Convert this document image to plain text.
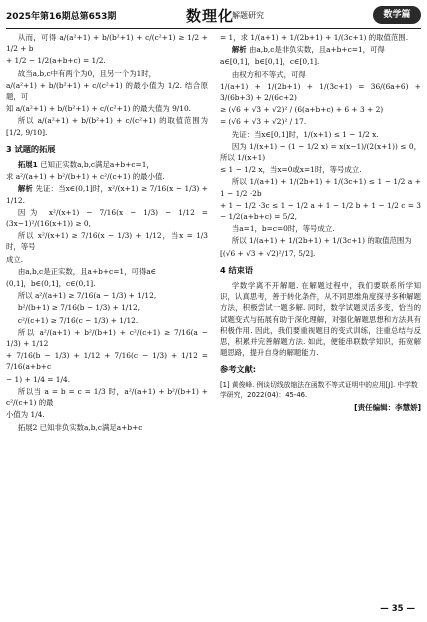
2025年第16期总第653期	数理化
解题研究	数学篇

从而，可得 a/(a²+1) + b/(b²+1) + c/(c²+1) ≥ 1/2 + 1/2 + b

+ 1/2 − 1/2(a+b+c) = 1/2.

故当a,b,c中有两个为0，且另一个为1时，

a/(a²+1) + b/(b²+1) + c/(c²+1) 的最小值为 1/2. 结合原题，可

知 a/(a²+1) + b/(b²+1) + c/(c²+1) 的最大值为 9/10.

所以 a/(a²+1) + b/(b²+1) + c/(c²+1) 的取值范围为 [1/2, 9/10].

3 试题的拓展

拓展1 已知正实数a,b,c满足a+b+c=1，

求 a²/(a+1) + b²/(b+1) + c²/(c+1) 的最小值.

解析 先证：当x∈(0,1]时，x²/(x+1) ≥ 7/16(x − 1/3) + 1/12.

因为 x²/(x+1) − 7/16(x − 1/3) − 1/12 = (3x−1)²/(16(x+1)) ≥ 0,

所以 x²/(x+1) ≥ 7/16(x − 1/3) + 1/12，当x = 1/3时，等号

成立.

由a,b,c是正实数，且a+b+c=1，可得a∈

(0,1]，b∈(0,1]，c∈(0,1].

所以 a²/(a+1) ≥ 7/16(a − 1/3) + 1/12,

b²/(b+1) ≥ 7/16(b − 1/3) + 1/12,

c²/(c+1) ≥ 7/16(c − 1/3) + 1/12.

所以 a²/(a+1) + b²/(b+1) + c²/(c+1) ≥ 7/16(a − 1/3) + 1/12

+ 7/16(b − 1/3) + 1/12 + 7/16(c − 1/3) + 1/12 = 7/16(a+b+c

− 1) + 1/4 = 1/4.

所以当 a = b = c = 1/3 时，a²/(a+1) + b²/(b+1) + c²/(c+1) 的最

小值为 1/4.

拓展2 已知非负实数a,b,c满足a+b+c

= 1，求 1/(a+1) + 1/(2b+1) + 1/(3c+1) 的取值范围.

解析 由a,b,c是非负实数，且a+b+c=1，可得

a∈[0,1]，b∈[0,1]，c∈[0,1].

由权方和不等式，可得

1/(a+1) + 1/(2b+1) + 1/(3c+1) = 36/(6a+6) + 3/(6b+3) + 2/(6c+2)

≥ (√6 + √3 + √2)² / (6(a+b+c) + 6 + 3 + 2)

= (√6 + √3 + √2)² / 17.

先证：当x∈[0,1]时，1/(x+1) ≤ 1 − 1/2 x.

因为 1/(x+1) − (1 − 1/2 x) = x(x−1)/(2(x+1)) ≤ 0，所以 1/(x+1)

≤ 1 − 1/2 x，当x=0或x=1时，等号成立.

所以 1/(a+1) + 1/(2b+1) + 1/(3c+1) ≤ 1 − 1/2 a + 1 − 1/2 ·2b

+ 1 − 1/2 ·3c ≤ 1 − 1/2 a + 1 − 1/2 b + 1 − 1/2 c = 3 − 1/2(a+b+c) = 5/2,

当a=1，b=c=0时，等号成立.

所以 1/(a+1) + 1/(2b+1) + 1/(3c+1) 的取值范围为

[(√6 + √3 + √2)²/17, 5/2].

4 结束语

学数学离不开解题. 在解题过程中，我们要联系所学知识，认真思考，善于转化条件，从不同思维角度探寻多种解题方法，积极尝试一题多解. 同时，数学试题灵活多变，恰当的试题变式与拓展有助于深化理解，对强化解题思想和方法具有积极作用. 因此，我们要重视题目的变式训练，注重总结与反思，积累并完善解题方法. 如此，便能串联数学知识，拓宽解题思路，提升自身的解题能力.

参考文献:
[1] 黄俊峰. 例谈切线放缩法在函数不等式证明中的应用[J]. 中学数学研究，2022(04)：45-46.
[责任编辑：李慧娇]
— 35 —
